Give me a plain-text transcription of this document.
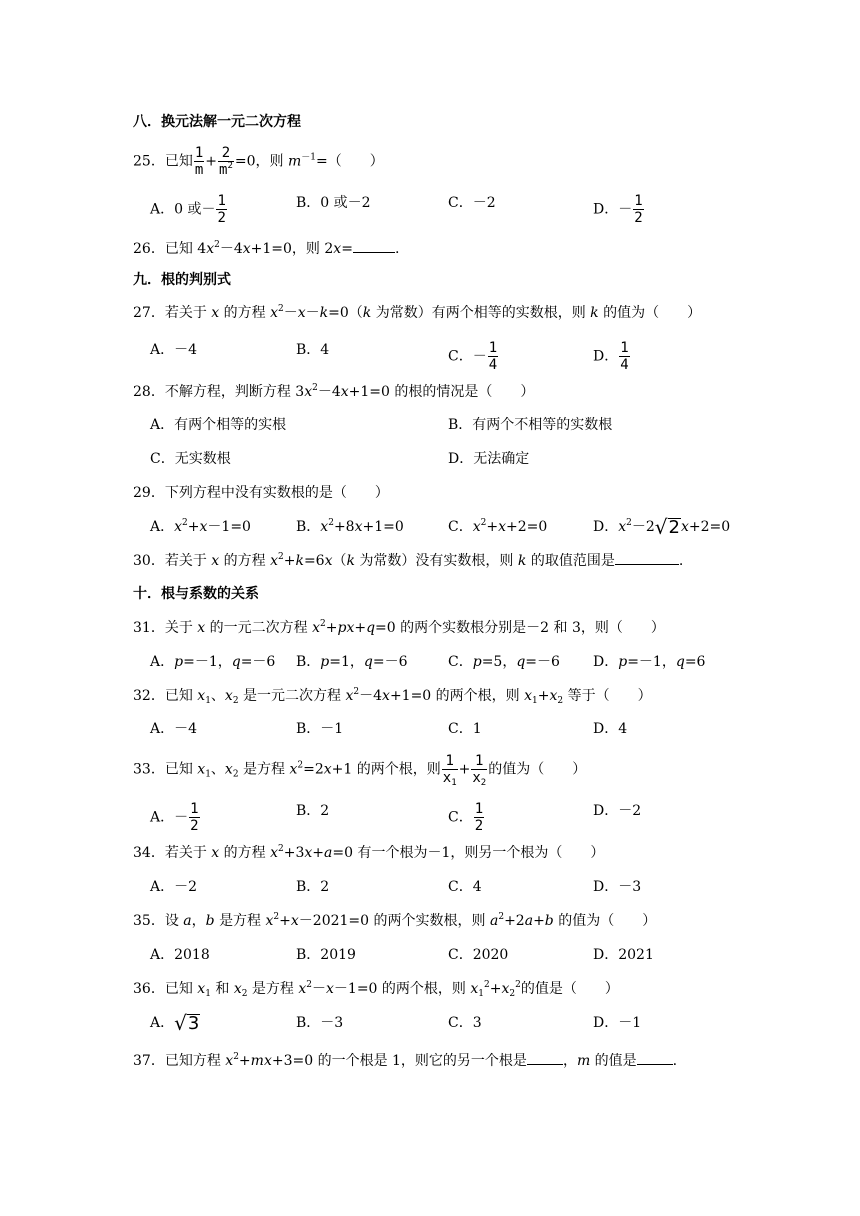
八．换元法解一元二次方程
25．已知 $\frac{1}{m} + \frac{2}{m^2} =0$，则 $m^{-1}=$（　　）
A．0 或－ $\frac{1}{2}$	B．0 或－2	C．－2	D．－ $\frac{1}{2}$
26．已知 $4x^2-4x+1=0$，则 2x=	.
九．根的判别式
27．若关于 x 的方程 $x^2-x-k=0(k$ 为常数）有两个相等的实数根，则 k 的值为（　　）
A．－4	B．4	C．－ $\frac{1}{4}$	D． $\frac{1}{4}$
28．不解方程，判断方程 $3x^2-4x+1=0$ 的根的情况是（　　）
A．有两个相等的实根	B．有两个不相等的实数根
C．无实数根	D．无法确定
29．下列方程中没有实数根的是（　　）
A．$x^2+x-1=0$	B．$x^2+8x+1=0$	C．$x^2+x+2=0$	D．$x^2-2$ √ 2 x+2=0
30．若关于 x 的方程 $x^2+k=6x(k$ 为常数）没有实数根，则 k 的取值范围是	.
十．根与系数的关系
31．关于 x 的一元二次方程 $x^2+px+q=0$ 的两个实数根分别是－2 和 3，则（　　）
A．p=－1，q=－6 B．p=1，q=－6	C．p=5，q=－6 D．p=－1，q=6
32．已知 $x_1$、$x_2$ 是一元二次方程 $x^2-4x+1=0$ 的两个根，则 $x_1+x_2$ 等于（　　）
A．－4	B．－1	C．1	D．4
33．已知 $x_1$、$x_2$ 是方程 $x^2=2x+1$ 的两个根，则 $\frac{1}{x_1} + \frac{1}{x_2}$ 的值为（　　）
A．－ $\frac{1}{2}$	B．2	C． $\frac{1}{2}$	D．－2
34．若关于 x 的方程 $x^2+3x+a=0$ 有一个根为－1，则另一个根为（　　）
A．－2	B．2	C．4	D．－3
35．设 a，b 是方程 $x^2+x-2021=0$ 的两个实数根，则 $a^2+2a+b$ 的值为（　　）
A．2018	B．2019	C．2020	D．2021
36．已知 $x_1$ 和 $x_2$ 是方程 $x^2-x-1=0$ 的两个根，则 $x_1^2+x_2^2$的值是（　　）
A． √ 3	B．－3	C．3	D．－1
37．已知方程 $x^2+mx+3=0$ 的一个根是 1，则它的另一个根是	，m 的值是	.
